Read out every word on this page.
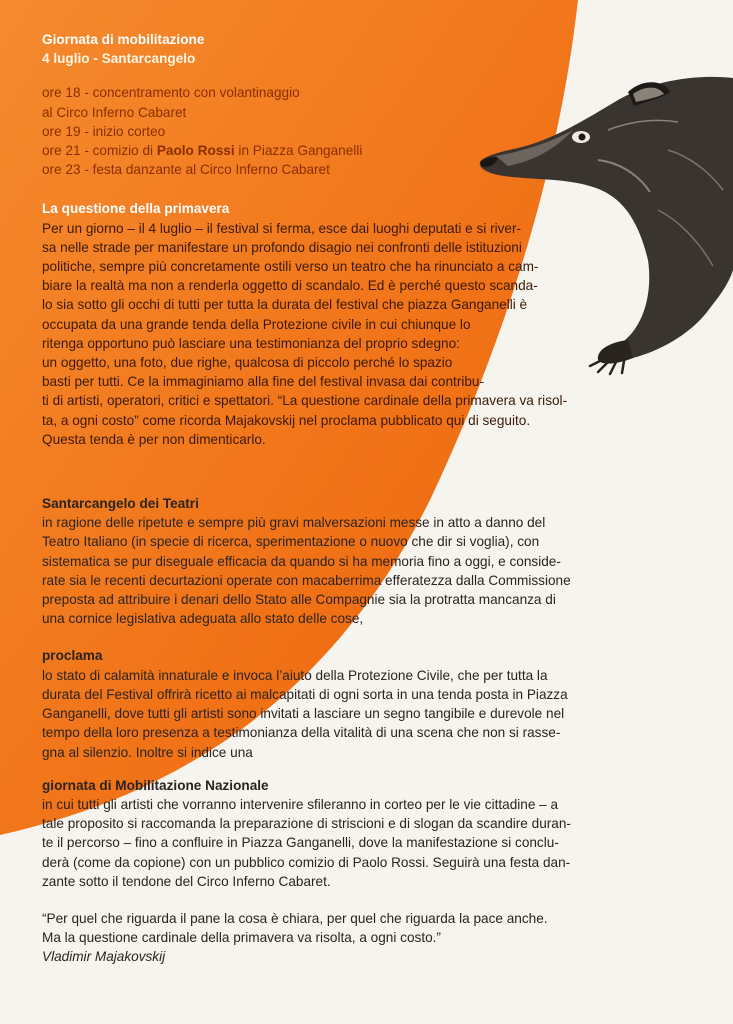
Giornata di mobilitazione
4 luglio - Santarcangelo
ore 18 - concentramento con volantinaggio
al Circo Inferno Cabaret
ore 19 - inizio corteo
ore 21 - comizio di Paolo Rossi in Piazza Ganganelli
ore 23 - festa danzante al Circo Inferno Cabaret
La questione della primavera
Per un giorno – il 4 luglio – il festival si ferma, esce dai luoghi deputati e si river-
sa nelle strade per manifestare un profondo disagio nei confronti delle istituzioni
politiche, sempre più concretamente ostili verso un teatro che ha rinunciato a cam-
biare la realtà ma non a renderla oggetto di scandalo. Ed è perché questo scanda-
lo sia sotto gli occhi di tutti per tutta la durata del festival che piazza Ganganelli è
occupata da una grande tenda della Protezione civile in cui chiunque lo
ritenga opportuno può lasciare una testimonianza del proprio sdegno:
un oggetto, una foto, due righe, qualcosa di piccolo perché lo spazio
basti per tutti. Ce la immaginiamo alla fine del festival invasa dai contribu-
ti di artisti, operatori, critici e spettatori. “La questione cardinale della primavera va risol-
ta, a ogni costo” come ricorda Majakovskij nel proclama pubblicato qui di seguito.
Questa tenda è per non dimenticarlo.
Santarcangelo dei Teatri
in ragione delle ripetute e sempre più gravi malversazioni messe in atto a danno del
Teatro Italiano (in specie di ricerca, sperimentazione o nuovo che dir si voglia), con
sistematica se pur diseguale efficacia da quando si ha memoria fino a oggi, e conside-
rate sia le recenti decurtazioni operate con macaberrima efferatezza dalla Commissione
preposta ad attribuire i denari dello Stato alle Compagnie sia la protratta mancanza di
una cornice legislativa adeguata allo stato delle cose,
proclama
lo stato di calamità innaturale e invoca l’aiuto della Protezione Civile, che per tutta la
durata del Festival offrirà ricetto ai malcapitati di ogni sorta in una tenda posta in Piazza
Ganganelli, dove tutti gli artisti sono invitati a lasciare un segno tangibile e durevole nel
tempo della loro presenza a testimonianza della vitalità di una scena che non si rasse-
gna al silenzio. Inoltre si indice una
giornata di Mobilitazione Nazionale
in cui tutti gli artisti che vorranno intervenire sfileranno in corteo per le vie cittadine – a
tale proposito si raccomanda la preparazione di striscioni e di slogan da scandire duran-
te il percorso – fino a confluire in Piazza Ganganelli, dove la manifestazione si conclu-
derà (come da copione) con un pubblico comizio di Paolo Rossi. Seguirà una festa dan-
zante sotto il tendone del Circo Inferno Cabaret.
“Per quel che riguarda il pane la cosa è chiara, per quel che riguarda la pace anche.
Ma la questione cardinale della primavera va risolta, a ogni costo.”
Vladimir Majakovskij
